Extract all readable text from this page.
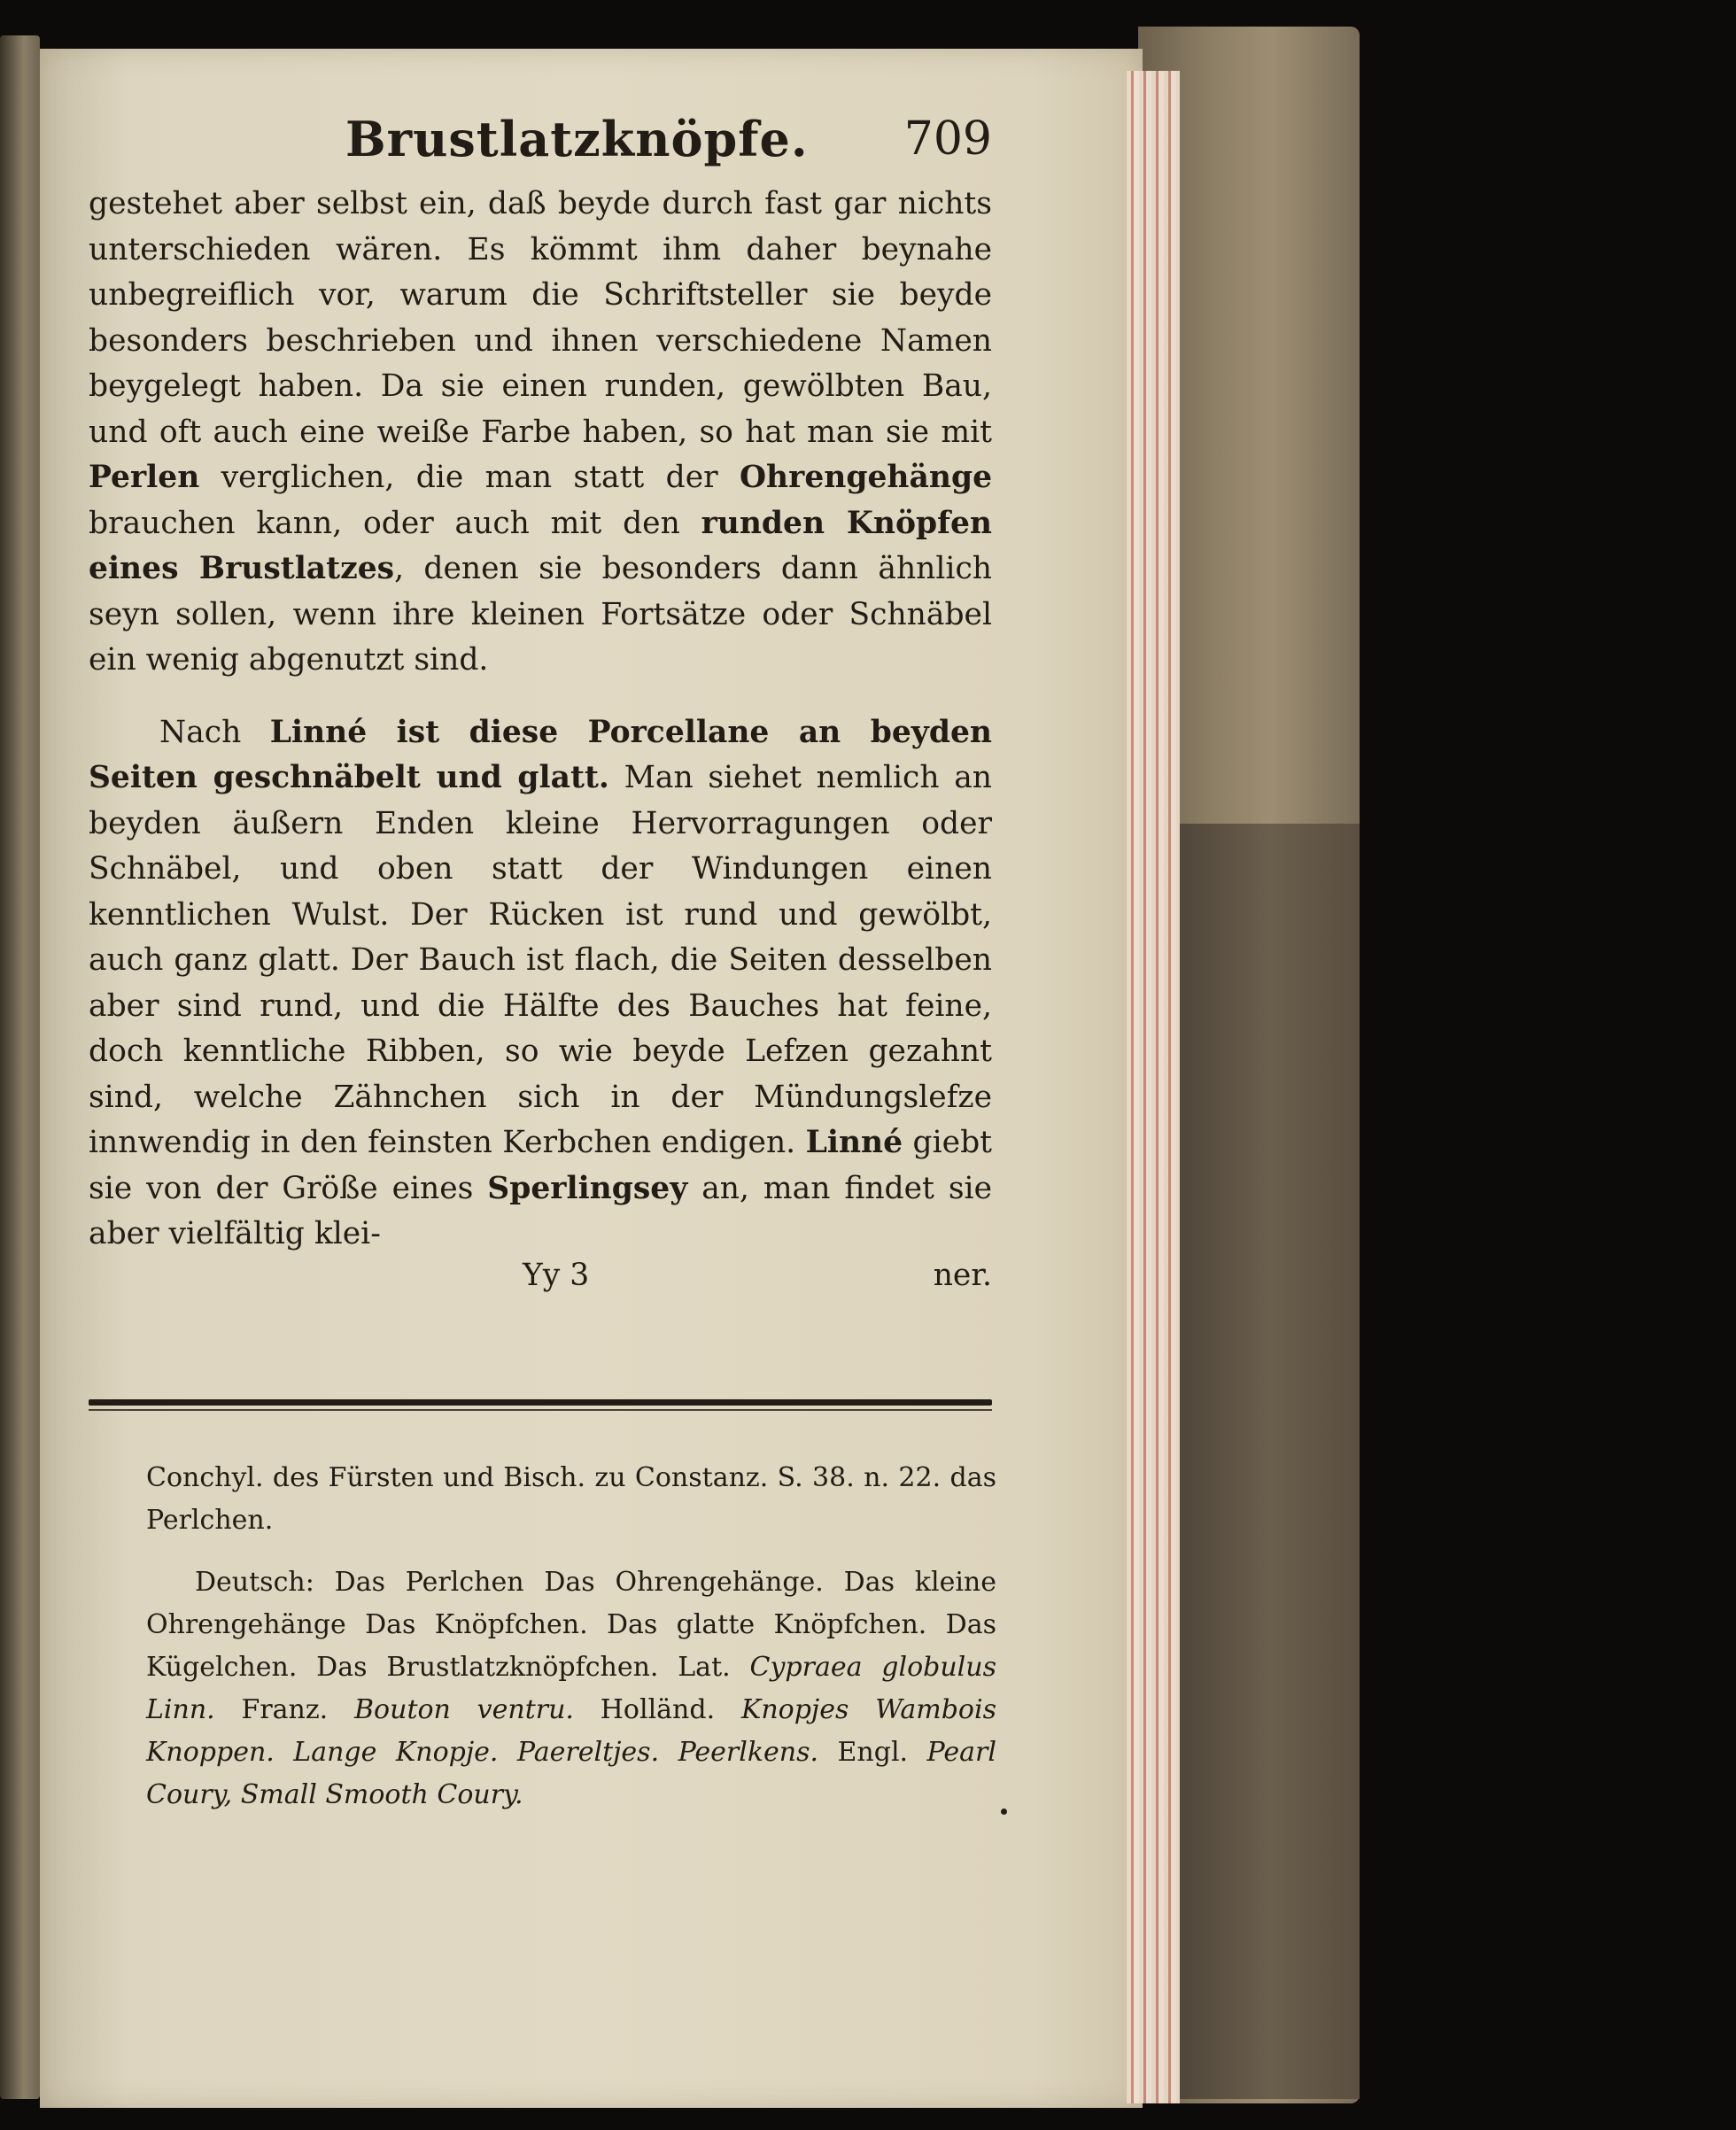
Brustlatzknöpfe. 709

gestehet aber selbst ein, daß beyde durch fast gar nichts unterschieden wären. Es kömmt ihm daher beynahe unbegreiflich vor, warum die Schriftsteller sie beyde besonders beschrieben und ihnen verschiedene Namen beygelegt haben. Da sie einen runden, gewölbten Bau, und oft auch eine weiße Farbe haben, so hat man sie mit Perlen verglichen, die man statt der Ohrengehänge brauchen kann, oder auch mit den runden Knöpfen eines Brustlatzes, denen sie besonders dann ähnlich seyn sollen, wenn ihre kleinen Fortsätze oder Schnäbel ein wenig abgenutzt sind.

Nach Linné ist diese Porcellane an beyden Seiten geschnäbelt und glatt. Man siehet nemlich an beyden äußern Enden kleine Hervorragungen oder Schnäbel, und oben statt der Windungen einen kenntlichen Wulst. Der Rücken ist rund und gewölbt, auch ganz glatt. Der Bauch ist flach, die Seiten desselben aber sind rund, und die Hälfte des Bauches hat feine, doch kenntliche Ribben, so wie beyde Lefzen gezahnt sind, welche Zähnchen sich in der Mündungslefze innwendig in den feinsten Kerbchen endigen. Linné giebt sie von der Größe eines Sperlingsey an, man findet sie aber vielfältig klei-

Yy 3	ner.

Conchyl. des Fürsten und Bisch. zu Constanz. S. 38. n. 22. das Perlchen.

Deutsch: Das Perlchen Das Ohrengehänge. Das kleine Ohrengehänge Das Knöpfchen. Das glatte Knöpfchen. Das Kügelchen. Das Brustlatzknöpfchen. Lat. Cypraea globulus Linn. Franz. Bouton ventru. Holländ. Knopjes Wambois Knoppen. Lange Knopje. Paereltjes. Peerlkens. Engl. Pearl Coury, Small Smooth Coury.
